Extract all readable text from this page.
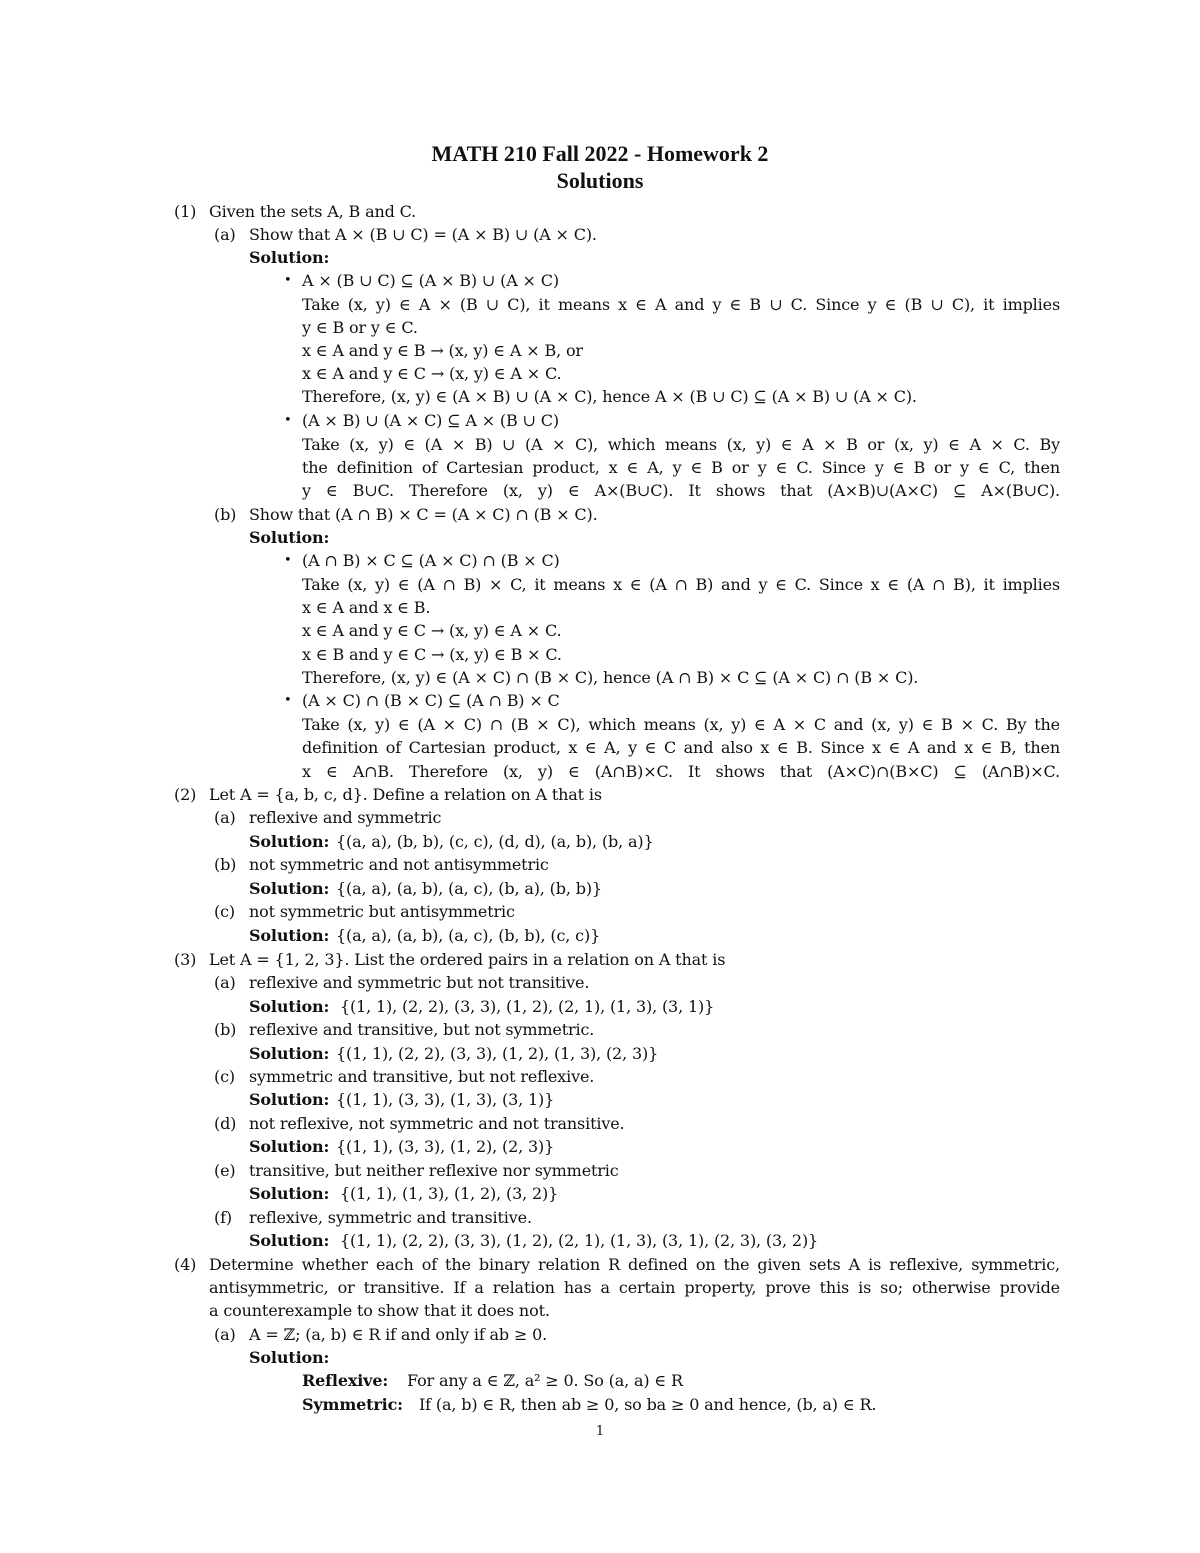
MATH 210 Fall 2022 - Homework 2
Solutions
(1) Given the sets A, B and C.
(a) Show that A × (B ∪ C) = (A × B) ∪ (A × C).
Solution:
A × (B ∪ C) ⊆ (A × B) ∪ (A × C)
•
Take (x, y) ∈ A × (B ∪ C), it means x ∈ A and y ∈ B ∪ C. Since y ∈ (B ∪ C), it implies
y ∈ B or y ∈ C.
x ∈ A and y ∈ B → (x, y) ∈ A × B, or
x ∈ A and y ∈ C → (x, y) ∈ A × C.
Therefore, (x, y) ∈ (A × B) ∪ (A × C), hence A × (B ∪ C) ⊆ (A × B) ∪ (A × C).
(A × B) ∪ (A × C) ⊆ A × (B ∪ C)
•
Take (x, y) ∈ (A × B) ∪ (A × C), which means (x, y) ∈ A × B or (x, y) ∈ A × C. By
the definition of Cartesian product, x ∈ A, y ∈ B or y ∈ C. Since y ∈ B or y ∈ C, then
y ∈ B∪C. Therefore (x, y) ∈ A×(B∪C). It shows that (A×B)∪(A×C) ⊆ A×(B∪C).
(b) Show that (A ∩ B) × C = (A × C) ∩ (B × C).
Solution:
(A ∩ B) × C ⊆ (A × C) ∩ (B × C)
•
Take (x, y) ∈ (A ∩ B) × C, it means x ∈ (A ∩ B) and y ∈ C. Since x ∈ (A ∩ B), it implies
x ∈ A and x ∈ B.
x ∈ A and y ∈ C → (x, y) ∈ A × C.
x ∈ B and y ∈ C → (x, y) ∈ B × C.
Therefore, (x, y) ∈ (A × C) ∩ (B × C), hence (A ∩ B) × C ⊆ (A × C) ∩ (B × C).
(A × C) ∩ (B × C) ⊆ (A ∩ B) × C
•
Take (x, y) ∈ (A × C) ∩ (B × C), which means (x, y) ∈ A × C and (x, y) ∈ B × C. By the
definition of Cartesian product, x ∈ A, y ∈ C and also x ∈ B. Since x ∈ A and x ∈ B, then
x ∈ A∩B. Therefore (x, y) ∈ (A∩B)×C. It shows that (A×C)∩(B×C) ⊆ (A∩B)×C.
(2) Let A = {a, b, c, d}. Define a relation on A that is
(a) reflexive and symmetric
Solution: {(a, a), (b, b), (c, c), (d, d), (a, b), (b, a)}
(b) not symmetric and not antisymmetric
Solution: {(a, a), (a, b), (a, c), (b, a), (b, b)}
(c) not symmetric but antisymmetric
Solution: {(a, a), (a, b), (a, c), (b, b), (c, c)}
(3) Let A = {1, 2, 3}. List the ordered pairs in a relation on A that is
(a) reflexive and symmetric but not transitive.
Solution: {(1, 1), (2, 2), (3, 3), (1, 2), (2, 1), (1, 3), (3, 1)}
(b) reflexive and transitive, but not symmetric.
Solution: {(1, 1), (2, 2), (3, 3), (1, 2), (1, 3), (2, 3)}
(c) symmetric and transitive, but not reflexive.
Solution: {(1, 1), (3, 3), (1, 3), (3, 1)}
(d) not reflexive, not symmetric and not transitive.
Solution: {(1, 1), (3, 3), (1, 2), (2, 3)}
(e) transitive, but neither reflexive nor symmetric
Solution: {(1, 1), (1, 3), (1, 2), (3, 2)}
(f) reflexive, symmetric and transitive.
Solution: {(1, 1), (2, 2), (3, 3), (1, 2), (2, 1), (1, 3), (3, 1), (2, 3), (3, 2)}
(4) Determine whether each of the binary relation R defined on the given sets A is reflexive, symmetric,
antisymmetric, or transitive. If a relation has a certain property, prove this is so; otherwise provide
a counterexample to show that it does not.
(a) A = ℤ; (a, b) ∈ R if and only if ab ≥ 0.
Solution:
Reflexive: For any a ∈ ℤ, a² ≥ 0. So (a, a) ∈ R
Symmetric: If (a, b) ∈ R, then ab ≥ 0, so ba ≥ 0 and hence, (b, a) ∈ R.
1
